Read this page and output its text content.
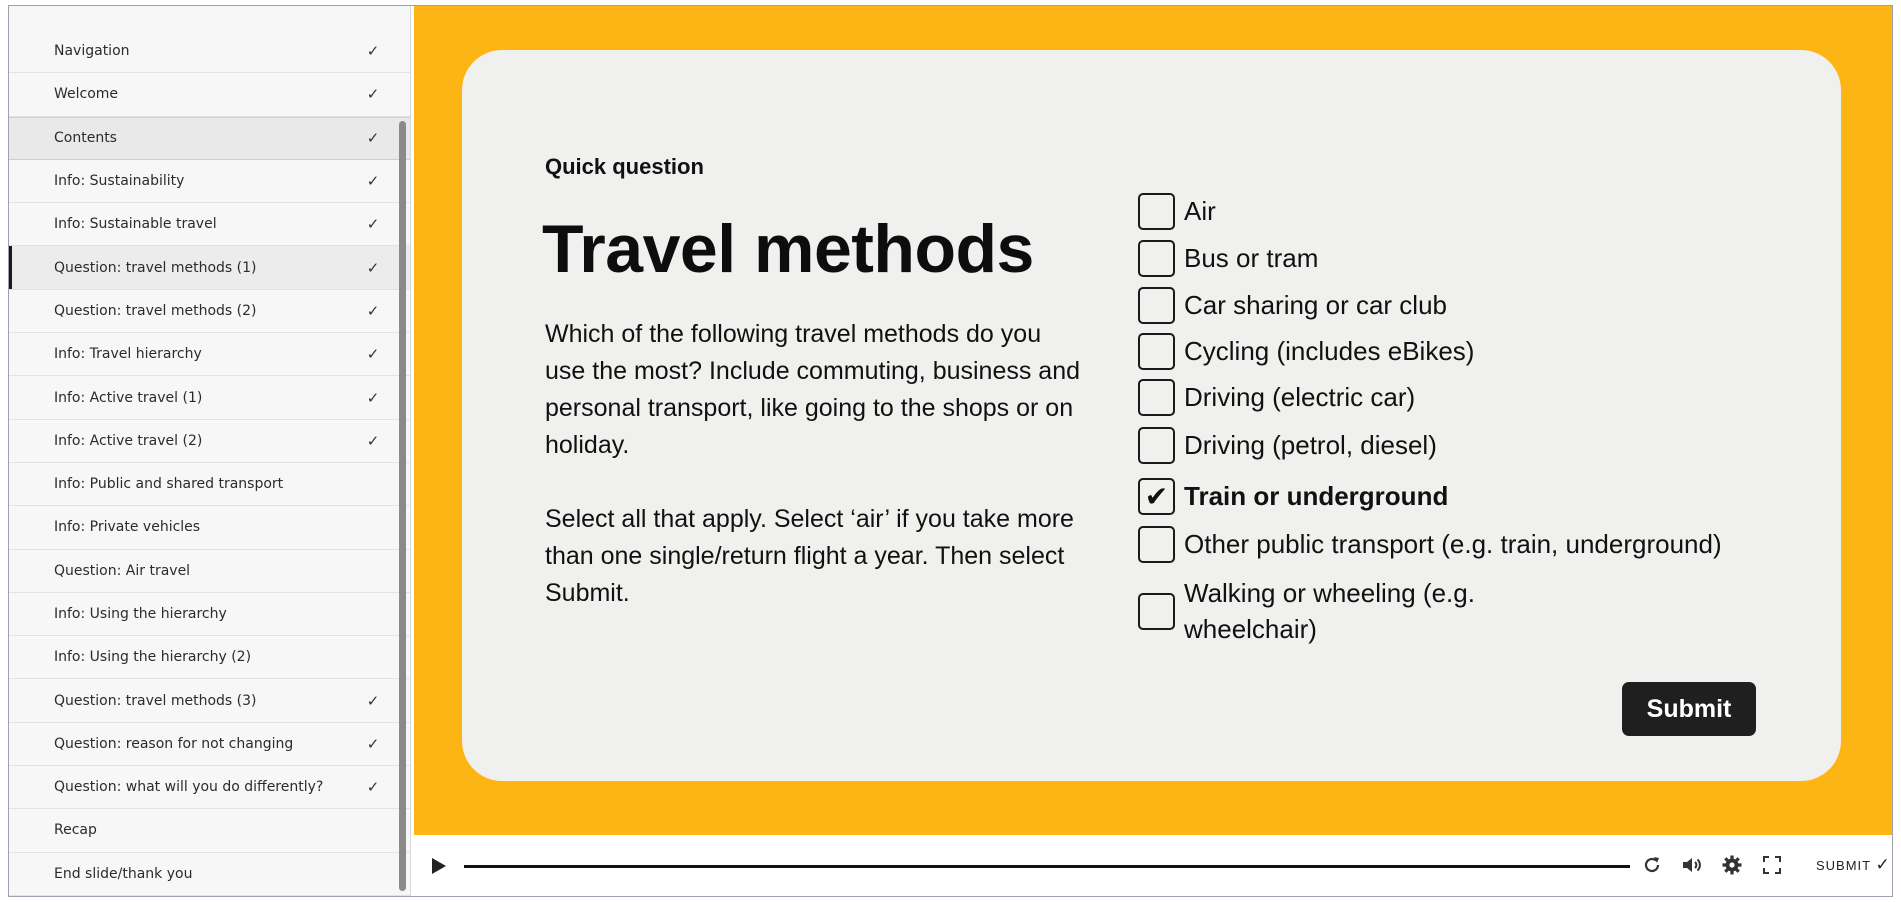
Navigation	✓
Welcome	✓
Contents	✓
Info: Sustainability	✓
Info: Sustainable travel	✓
Question: travel methods (1)	✓
Question: travel methods (2)	✓
Info: Travel hierarchy	✓
Info: Active travel (1)	✓
Info: Active travel (2)	✓
Info: Public and shared transport
Info: Private vehicles
Question: Air travel
Info: Using the hierarchy
Info: Using the hierarchy (2)
Question: travel methods (3)	✓
Question: reason for not changing	✓
Question: what will you do differently?	✓
Recap
End slide/thank you
Quick question
Travel methods

Which of the following travel methods do you use the most? Include commuting, business and personal transport, like going to the shops or on holiday.

Select all that apply. Select ‘air’ if you take more than one single/return flight a year. Then select Submit.

Air
Bus or tram
Car sharing or car club
Cycling (includes eBikes)
Driving (electric car)
Driving (petrol, diesel)
✔ Train or underground
Other public transport (e.g. train, underground)
Walking or wheeling (e.g. wheelchair)
Submit
SUBMIT ✓
